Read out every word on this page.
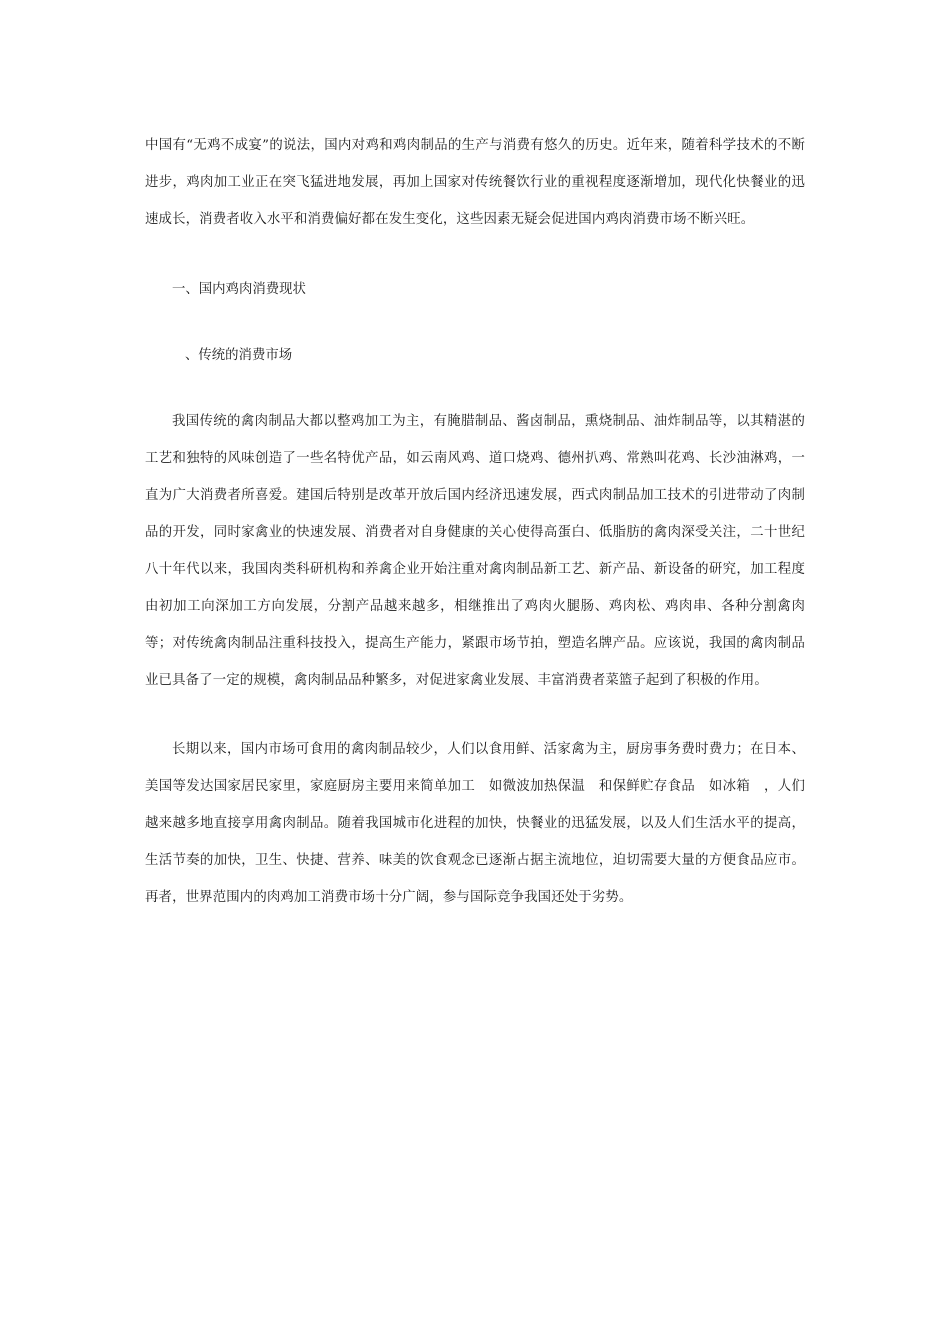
中国有“无鸡不成宴”的说法，国内对鸡和鸡肉制品的生产与消费有悠久的历史。近年来，随着科学技术的不断进步，鸡肉加工业正在突飞猛进地发展，再加上国家对传统餐饮行业的重视程度逐渐增加，现代化快餐业的迅速成长，消费者收入水平和消费偏好都在发生变化，这些因素无疑会促进国内鸡肉消费市场不断兴旺。

一、国内鸡肉消费现状

、传统的消费市场

我国传统的禽肉制品大都以整鸡加工为主，有腌腊制品、酱卤制品，熏烧制品、油炸制品等，以其精湛的工艺和独特的风味创造了一些名特优产品，如云南风鸡、道口烧鸡、德州扒鸡、常熟叫花鸡、长沙油淋鸡，一直为广大消费者所喜爱。建国后特别是改革开放后国内经济迅速发展，西式肉制品加工技术的引进带动了肉制品的开发，同时家禽业的快速发展、消费者对自身健康的关心使得高蛋白、低脂肪的禽肉深受关注，二十世纪八十年代以来，我国肉类科研机构和养禽企业开始注重对禽肉制品新工艺、新产品、新设备的研究，加工程度由初加工向深加工方向发展，分割产品越来越多，相继推出了鸡肉火腿肠、鸡肉松、鸡肉串、各种分割禽肉等；对传统禽肉制品注重科技投入，提高生产能力，紧跟市场节拍，塑造名牌产品。应该说，我国的禽肉制品业已具备了一定的规模，禽肉制品品种繁多，对促进家禽业发展、丰富消费者菜篮子起到了积极的作用。

长期以来，国内市场可食用的禽肉制品较少，人们以食用鲜、活家禽为主，厨房事务费时费力；在日本、美国等发达国家居民家里，家庭厨房主要用来简单加工　如微波加热保温　和保鲜贮存食品　如冰箱　，人们越来越多地直接享用禽肉制品。随着我国城市化进程的加快，快餐业的迅猛发展，以及人们生活水平的提高，生活节奏的加快，卫生、快捷、营养、味美的饮食观念已逐渐占据主流地位，迫切需要大量的方便食品应市。再者，世界范围内的肉鸡加工消费市场十分广阔，参与国际竞争我国还处于劣势。
